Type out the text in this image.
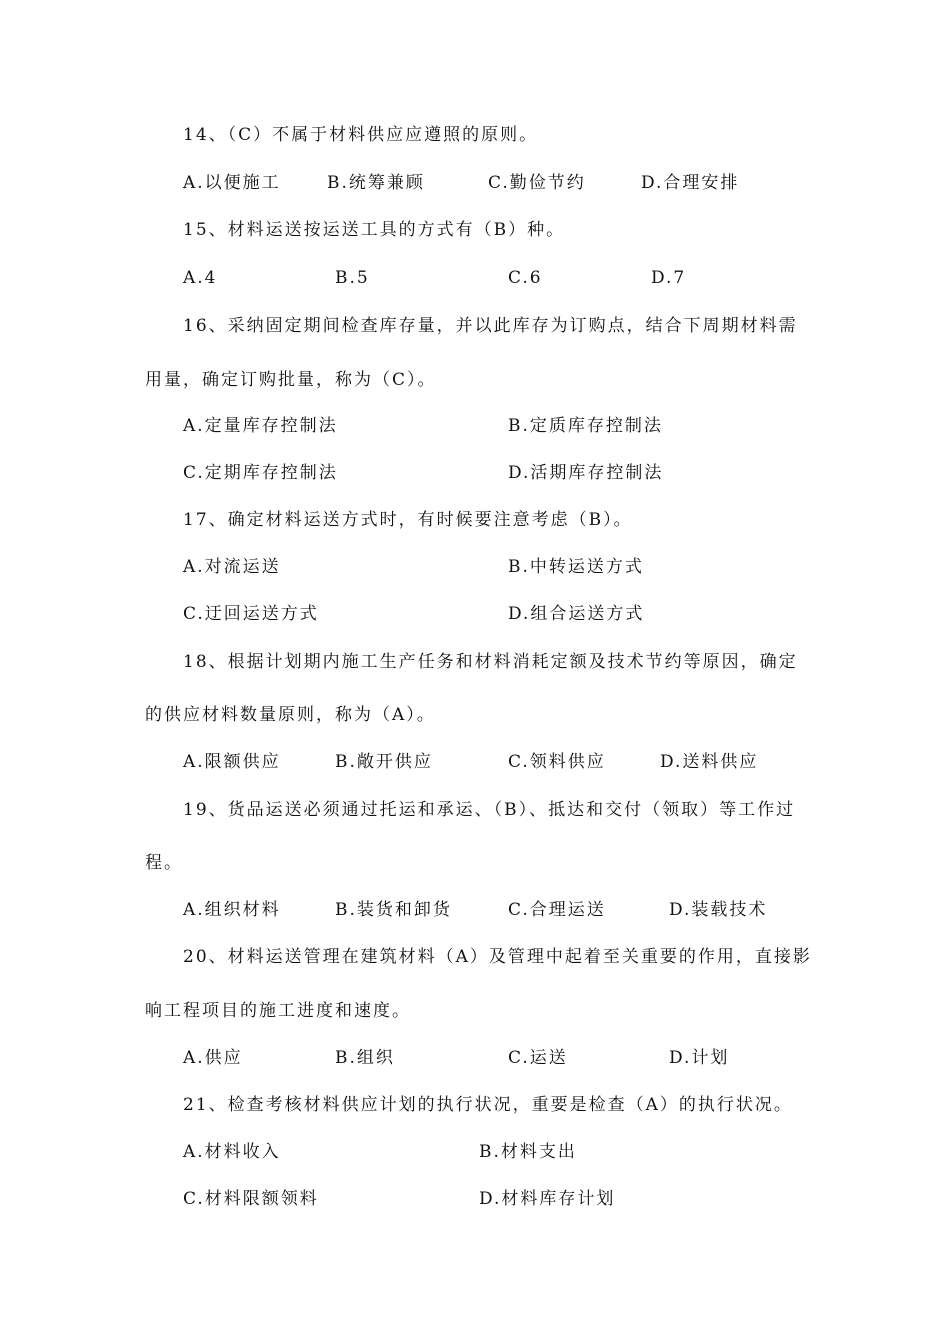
14、（C）不属于材料供应应遵照的原则。
A.以便施工	B.统筹兼顾	C.勤俭节约	D.合理安排
15、材料运送按运送工具的方式有（B）种。
A.4	B.5	C.6	D.7
16、采纳固定期间检查库存量，并以此库存为订购点，结合下周期材料需
用量，确定订购批量，称为（C）。
A.定量库存控制法	B.定质库存控制法
C.定期库存控制法	D.活期库存控制法
17、确定材料运送方式时，有时候要注意考虑（B）。
A.对流运送	B.中转运送方式
C.迂回运送方式	D.组合运送方式
18、根据计划期内施工生产任务和材料消耗定额及技术节约等原因，确定
的供应材料数量原则，称为（A）。
A.限额供应	B.敞开供应	C.领料供应	D.送料供应
19、货品运送必须通过托运和承运、（B）、抵达和交付（领取）等工作过
程。
A.组织材料	B.装货和卸货	C.合理运送	D.装载技术
20、材料运送管理在建筑材料（A）及管理中起着至关重要的作用，直接影
响工程项目的施工进度和速度。
A.供应	B.组织	C.运送	D.计划
21、检查考核材料供应计划的执行状况，重要是检查（A）的执行状况。
A.材料收入	B.材料支出
C.材料限额领料	D.材料库存计划
